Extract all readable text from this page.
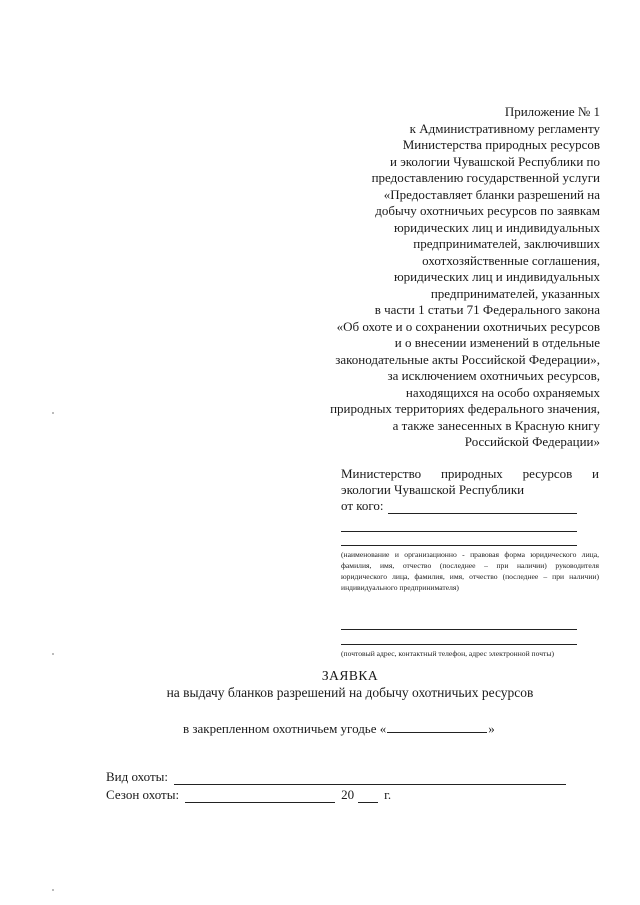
Приложение № 1
к Административному регламенту
Министерства природных ресурсов
и экологии Чувашской Республики по
предоставлению государственной услуги
«Предоставляет бланки разрешений на
добычу охотничьих ресурсов по заявкам
юридических лиц и индивидуальных
предпринимателей, заключивших
охотхозяйственные соглашения,
юридических лиц и индивидуальных
предпринимателей, указанных
в части 1 статьи 71 Федерального закона
«Об охоте и о сохранении охотничьих ресурсов
и о внесении изменений в отдельные
законодательные акты Российской Федерации»,
за исключением охотничьих ресурсов,
находящихся на особо охраняемых
природных территориях федерального значения,
а также занесенных в Красную книгу
Российской Федерации»
Министерство природных ресурсов и
экологии Чувашской Республики
от кого:
(наименование и организационно - правовая форма юридического лица, фамилия, имя, отчество (последнее – при наличии) руководителя юридического лица, фамилия, имя, отчество (последнее – при наличии) индивидуального предпринимателя)
(почтовый адрес, контактный телефон, адрес электронной почты)
ЗАЯВКА
на выдачу бланков разрешений на добычу охотничьих ресурсов
в закрепленном охотничьем угодье «	»
Вид охоты:
Сезон охоты:	20 г.
